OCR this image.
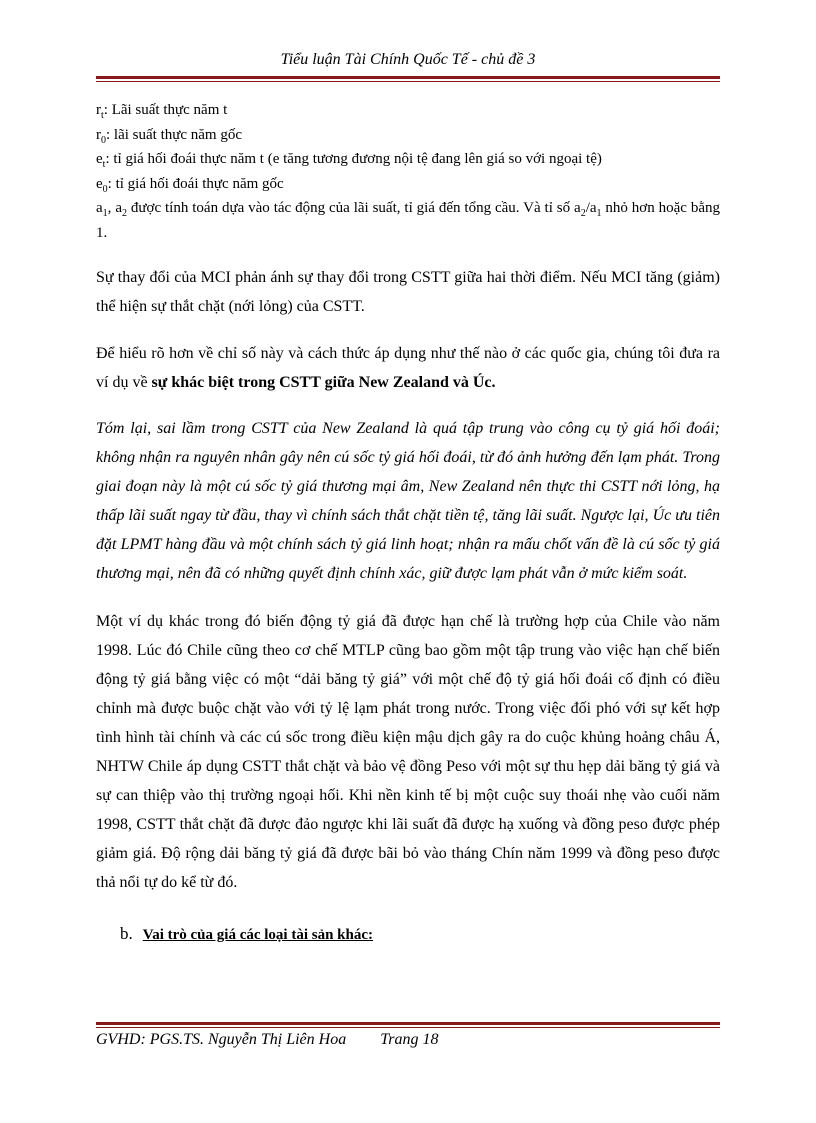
Tiểu luận Tài Chính Quốc Tế - chủ đề 3

$r_t$: Lãi suất thực năm t

$r_0$: lãi suất thực năm gốc

$e_t$: tỉ giá hối đoái thực năm t (e tăng tương đương nội tệ đang lên giá so với ngoại tệ)

$e_0$: tỉ giá hối đoái thực năm gốc

$a_1$, $a_2$ được tính toán dựa vào tác động của lãi suất, tỉ giá đến tổng cầu. Và tỉ số $a_2/a_1$ nhỏ hơn hoặc bằng 1.

Sự thay đổi của MCI phản ánh sự thay đổi trong CSTT giữa hai thời điểm. Nếu MCI tăng (giảm) thể hiện sự thắt chặt (nới lỏng) của CSTT.

Để hiểu rõ hơn về chỉ số này và cách thức áp dụng như thế nào ở các quốc gia, chúng tôi đưa ra ví dụ về sự khác biệt trong CSTT giữa New Zealand và Úc.

Tóm lại, sai lầm trong CSTT của New Zealand là quá tập trung vào công cụ tỷ giá hối đoái; không nhận ra nguyên nhân gây nên cú sốc tỷ giá hối đoái, từ đó ảnh hưởng đến lạm phát. Trong giai đoạn này là một cú sốc tỷ giá thương mại âm, New Zealand nên thực thi CSTT nới lỏng, hạ thấp lãi suất ngay từ đầu, thay vì chính sách thắt chặt tiền tệ, tăng lãi suất. Ngược lại, Úc ưu tiên đặt LPMT hàng đầu và một chính sách tỷ giá linh hoạt; nhận ra mấu chốt vấn đề là cú sốc tỷ giá thương mại, nên đã có những quyết định chính xác, giữ được lạm phát vẫn ở mức kiểm soát.

Một ví dụ khác trong đó biến động tỷ giá đã được hạn chế là trường hợp của Chile vào năm 1998. Lúc đó Chile cũng theo cơ chế MTLP cũng bao gồm một tập trung vào việc hạn chế biến động tỷ giá bằng việc có một “dải băng tỷ giá” với một chế độ tỷ giá hối đoái cố định có điều chỉnh mà được buộc chặt vào với tỷ lệ lạm phát trong nước. Trong việc đối phó với sự kết hợp tình hình tài chính và các cú sốc trong điều kiện mậu dịch gây ra do cuộc khủng hoảng châu Á, NHTW Chile áp dụng CSTT thắt chặt và bảo vệ đồng Peso với một sự thu hẹp dải băng tỷ giá và sự can thiệp vào thị trường ngoại hối. Khi nền kinh tế bị một cuộc suy thoái nhẹ vào cuối năm 1998, CSTT thắt chặt đã được đảo ngược khi lãi suất đã được hạ xuống và đồng peso được phép giảm giá. Độ rộng dải băng tỷ giá đã được bãi bỏ vào tháng Chín năm 1999 và đồng peso được thả nổi tự do kể từ đó.

b. Vai trò của giá các loại tài sản khác:
GVHD: PGS.TS. Nguyễn Thị Liên Hoa Trang 18
